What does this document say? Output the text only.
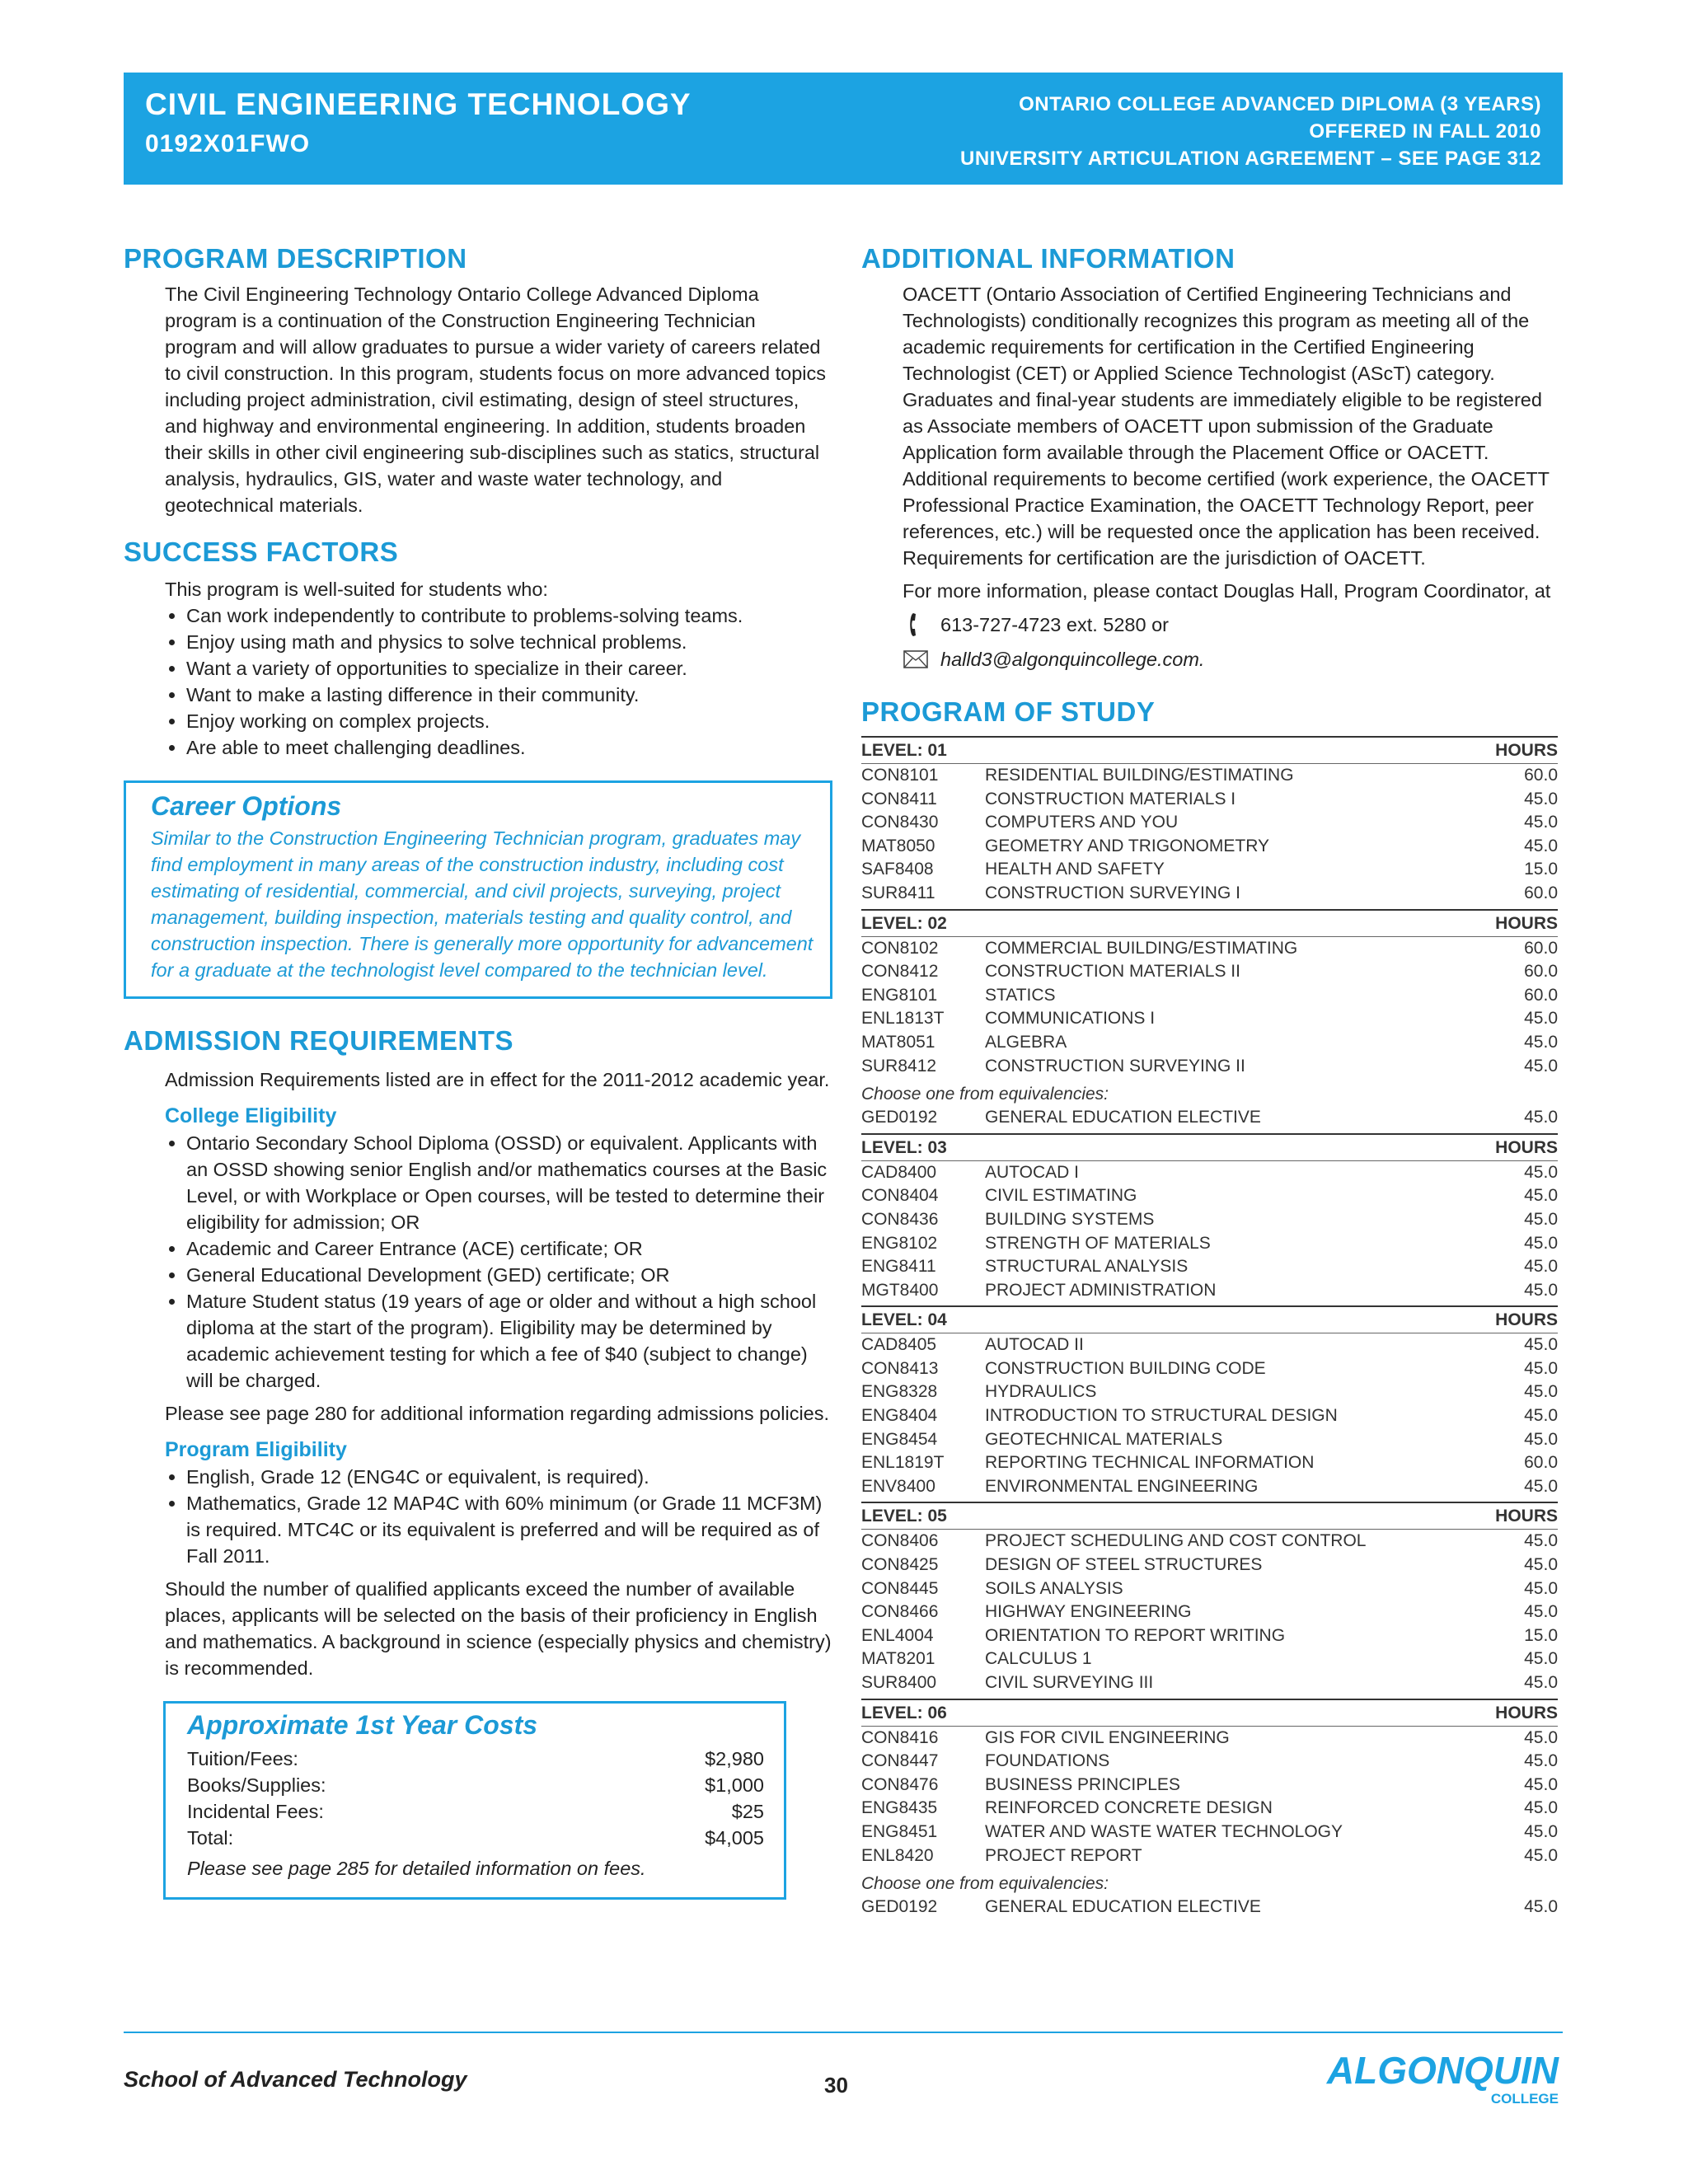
CIVIL ENGINEERING TECHNOLOGY
0192X01FWO
ONTARIO COLLEGE ADVANCED DIPLOMA (3 YEARS)
OFFERED IN FALL 2010
UNIVERSITY ARTICULATION AGREEMENT – SEE PAGE 312
PROGRAM DESCRIPTION

The Civil Engineering Technology Ontario College Advanced Diploma program is a continuation of the Construction Engineering Technician program and will allow graduates to pursue a wider variety of careers related to civil construction. In this program, students focus on more advanced topics including project administration, civil estimating, design of steel structures, and highway and environmental engineering. In addition, students broaden their skills in other civil engineering sub-disciplines such as statics, structural analysis, hydraulics, GIS, water and waste water technology, and geotechnical materials.

SUCCESS FACTORS

This program is well-suited for students who:

• Can work independently to contribute to problems-solving teams.
• Enjoy using math and physics to solve technical problems.
• Want a variety of opportunities to specialize in their career.
• Want to make a lasting difference in their community.
• Enjoy working on complex projects.
• Are able to meet challenging deadlines.
Career Options
Similar to the Construction Engineering Technician program, graduates may find employment in many areas of the construction industry, including cost estimating of residential, commercial, and civil projects, surveying, project management, building inspection, materials testing and quality control, and construction inspection. There is generally more opportunity for advancement for a graduate at the technologist level compared to the technician level.
ADMISSION REQUIREMENTS

Admission Requirements listed are in effect for the 2011-2012 academic year.

College Eligibility
• Ontario Secondary School Diploma (OSSD) or equivalent. Applicants with an OSSD showing senior English and/or mathematics courses at the Basic Level, or with Workplace or Open courses, will be tested to determine their eligibility for admission; OR
• Academic and Career Entrance (ACE) certificate; OR
• General Educational Development (GED) certificate; OR
• Mature Student status (19 years of age or older and without a high school diploma at the start of the program). Eligibility may be determined by academic achievement testing for which a fee of $40 (subject to change) will be charged.

Please see page 280 for additional information regarding admissions policies.

Program Eligibility
• English, Grade 12 (ENG4C or equivalent, is required).
• Mathematics, Grade 12 MAP4C with 60% minimum (or Grade 11 MCF3M) is required. MTC4C or its equivalent is preferred and will be required as of Fall 2011.

Should the number of qualified applicants exceed the number of available places, applicants will be selected on the basis of their proficiency in English and mathematics. A background in science (especially physics and chemistry) is recommended.

Approximate 1st Year Costs
Tuition/Fees:	$2,980
Books/Supplies:	$1,000
Incidental Fees:	$25
Total:	$4,005
Please see page 285 for detailed information on fees.
ADDITIONAL INFORMATION

OACETT (Ontario Association of Certified Engineering Technicians and Technologists) conditionally recognizes this program as meeting all of the academic requirements for certification in the Certified Engineering Technologist (CET) or Applied Science Technologist (AScT) category. Graduates and final-year students are immediately eligible to be registered as Associate members of OACETT upon submission of the Graduate Application form available through the Placement Office or OACETT. Additional requirements to become certified (work experience, the OACETT Professional Practice Examination, the OACETT Technology Report, peer references, etc.) will be requested once the application has been received. Requirements for certification are the jurisdiction of OACETT.

For more information, please contact Douglas Hall, Program Coordinator, at

613-727-4723 ext. 5280 or
halld3@algonquincollege.com.
PROGRAM OF STUDY
LEVEL: 01	HOURS
CON8101	RESIDENTIAL BUILDING/ESTIMATING	60.0
CON8411	CONSTRUCTION MATERIALS I	45.0
CON8430	COMPUTERS AND YOU	45.0
MAT8050	GEOMETRY AND TRIGONOMETRY	45.0
SAF8408	HEALTH AND SAFETY	15.0
SUR8411	CONSTRUCTION SURVEYING I	60.0
LEVEL: 02	HOURS
CON8102	COMMERCIAL BUILDING/ESTIMATING	60.0
CON8412	CONSTRUCTION MATERIALS II	60.0
ENG8101	STATICS	60.0
ENL1813T	COMMUNICATIONS I	45.0
MAT8051	ALGEBRA	45.0
SUR8412	CONSTRUCTION SURVEYING II	45.0
Choose one from equivalencies:
GED0192	GENERAL EDUCATION ELECTIVE	45.0
LEVEL: 03	HOURS
CAD8400	AUTOCAD I	45.0
CON8404	CIVIL ESTIMATING	45.0
CON8436	BUILDING SYSTEMS	45.0
ENG8102	STRENGTH OF MATERIALS	45.0
ENG8411	STRUCTURAL ANALYSIS	45.0
MGT8400	PROJECT ADMINISTRATION	45.0
LEVEL: 04	HOURS
CAD8405	AUTOCAD II	45.0
CON8413	CONSTRUCTION BUILDING CODE	45.0
ENG8328	HYDRAULICS	45.0
ENG8404	INTRODUCTION TO STRUCTURAL DESIGN	45.0
ENG8454	GEOTECHNICAL MATERIALS	45.0
ENL1819T	REPORTING TECHNICAL INFORMATION	60.0
ENV8400	ENVIRONMENTAL ENGINEERING	45.0
LEVEL: 05	HOURS
CON8406	PROJECT SCHEDULING AND COST CONTROL	45.0
CON8425	DESIGN OF STEEL STRUCTURES	45.0
CON8445	SOILS ANALYSIS	45.0
CON8466	HIGHWAY ENGINEERING	45.0
ENL4004	ORIENTATION TO REPORT WRITING	15.0
MAT8201	CALCULUS 1	45.0
SUR8400	CIVIL SURVEYING III	45.0
LEVEL: 06	HOURS
CON8416	GIS FOR CIVIL ENGINEERING	45.0
CON8447	FOUNDATIONS	45.0
CON8476	BUSINESS PRINCIPLES	45.0
ENG8435	REINFORCED CONCRETE DESIGN	45.0
ENG8451	WATER AND WASTE WATER TECHNOLOGY	45.0
ENL8420	PROJECT REPORT	45.0
Choose one from equivalencies:
GED0192	GENERAL EDUCATION ELECTIVE	45.0
School of Advanced Technology	30	ALGONQUIN
COLLEGE
